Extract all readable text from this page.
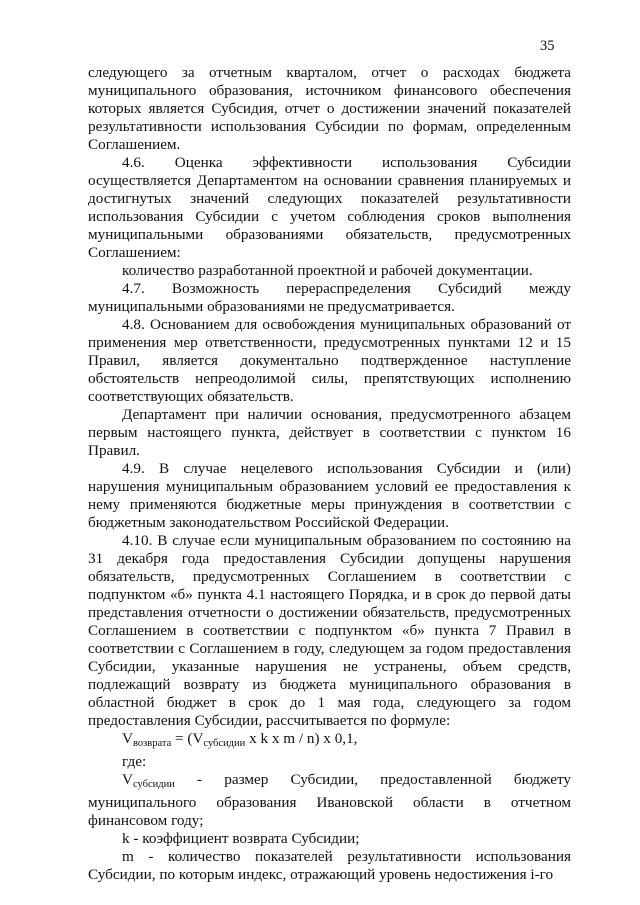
35

следующего за отчетным кварталом, отчет о расходах бюджета муниципального образования, источником финансового обеспечения которых является Субсидия, отчет о достижении значений показателей результативности использования Субсидии по формам, определенным Соглашением.

4.6. Оценка эффективности использования Субсидии осуществляется Департаментом на основании сравнения планируемых и достигнутых значений следующих показателей результативности использования Субсидии с учетом соблюдения сроков выполнения муниципальными образованиями обязательств, предусмотренных Соглашением:

количество разработанной проектной и рабочей документации.

4.7. Возможность перераспределения Субсидий между муниципальными образованиями не предусматривается.

4.8. Основанием для освобождения муниципальных образований от применения мер ответственности, предусмотренных пунктами 12 и 15 Правил, является документально подтвержденное наступление обстоятельств непреодолимой силы, препятствующих исполнению соответствующих обязательств.

Департамент при наличии основания, предусмотренного абзацем первым настоящего пункта, действует в соответствии с пунктом 16 Правил.

4.9. В случае нецелевого использования Субсидии и (или) нарушения муниципальным образованием условий ее предоставления к нему применяются бюджетные меры принуждения в соответствии с бюджетным законодательством Российской Федерации.

4.10. В случае если муниципальным образованием по состоянию на 31 декабря года предоставления Субсидии допущены нарушения обязательств, предусмотренных Соглашением в соответствии с подпунктом «б» пункта 4.1 настоящего Порядка, и в срок до первой даты представления отчетности о достижении обязательств, предусмотренных Соглашением в соответствии с подпунктом «б» пункта 7 Правил в соответствии с Соглашением в году, следующем за годом предоставления Субсидии, указанные нарушения не устранены, объем средств, подлежащий возврату из бюджета муниципального образования в областной бюджет в срок до 1 мая года, следующего за годом предоставления Субсидии, рассчитывается по формуле:

$V_{возврата} = (V_{субсидии}$ x k x m / n) x 0,1,

где:

$V_{субсидии}$ - размер Субсидии, предоставленной бюджету муниципального образования Ивановской области в отчетном финансовом году;

k - коэффициент возврата Субсидии;

m - количество показателей результативности использования Субсидии, по которым индекс, отражающий уровень недостижения i-го
